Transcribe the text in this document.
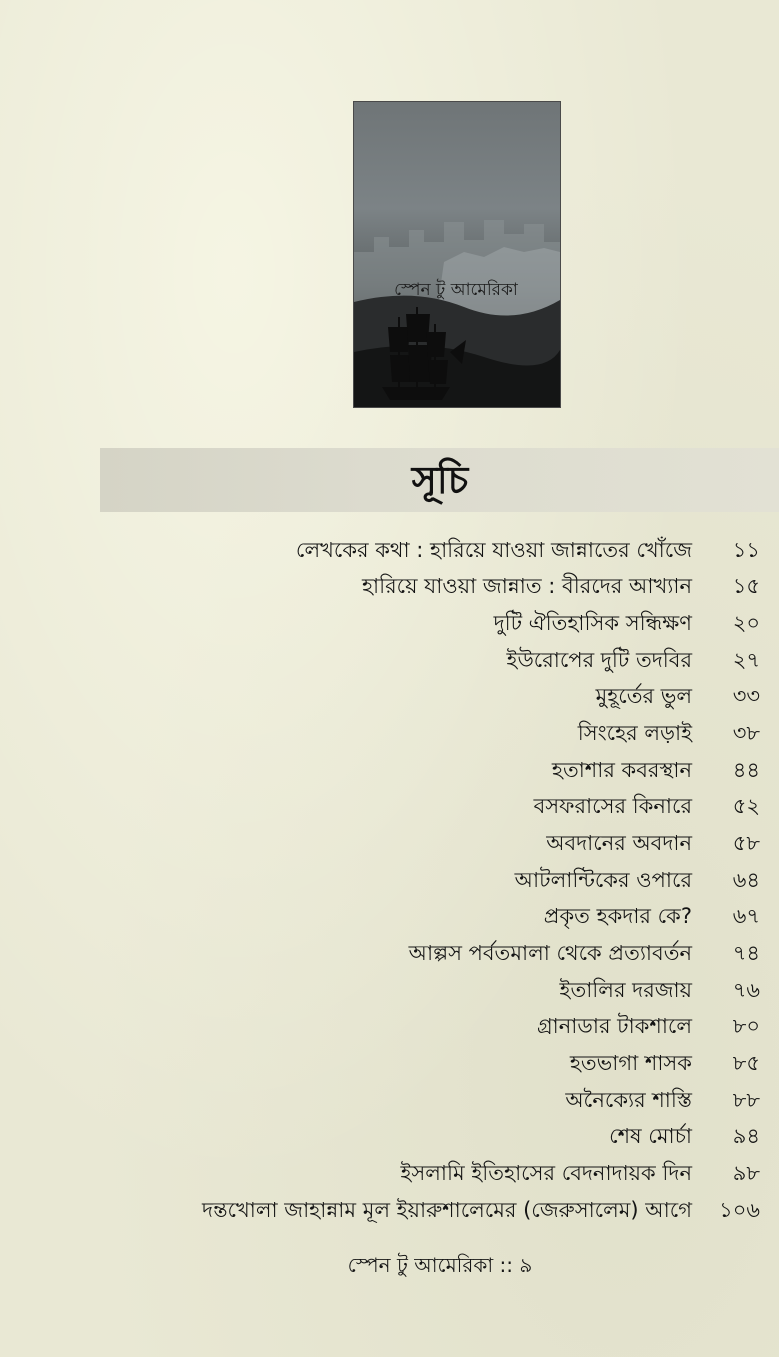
স্পেন টু আমেরিকা
সূচি
লেখকের কথা : হারিয়ে যাওয়া জান্নাতের খোঁজে	১১
হারিয়ে যাওয়া জান্নাত : বীরদের আখ্যান	১৫
দুটি ঐতিহাসিক সন্ধিক্ষণ	২০
ইউরোপের দুটি তদবির	২৭
মুহূর্তের ভুল	৩৩
সিংহের লড়াই	৩৮
হতাশার কবরস্থান	৪৪
বসফরাসের কিনারে	৫২
অবদানের অবদান	৫৮
আটলান্টিকের ওপারে	৬৪
প্রকৃত হকদার কে?	৬৭
আল্পস পর্বতমালা থেকে প্রত্যাবর্তন	৭৪
ইতালির দরজায়	৭৬
গ্রানাডার টাকশালে	৮০
হতভাগা শাসক	৮৫
অনৈক্যের শাস্তি	৮৮
শেষ মোর্চা	৯৪
ইসলামি ইতিহাসের বেদনাদায়ক দিন	৯৮
দন্তখোলা জাহান্নাম মূল ইয়ারুশালেমের (জেরুসালেম) আগে	১০৬
স্পেন টু আমেরিকা :: ৯
